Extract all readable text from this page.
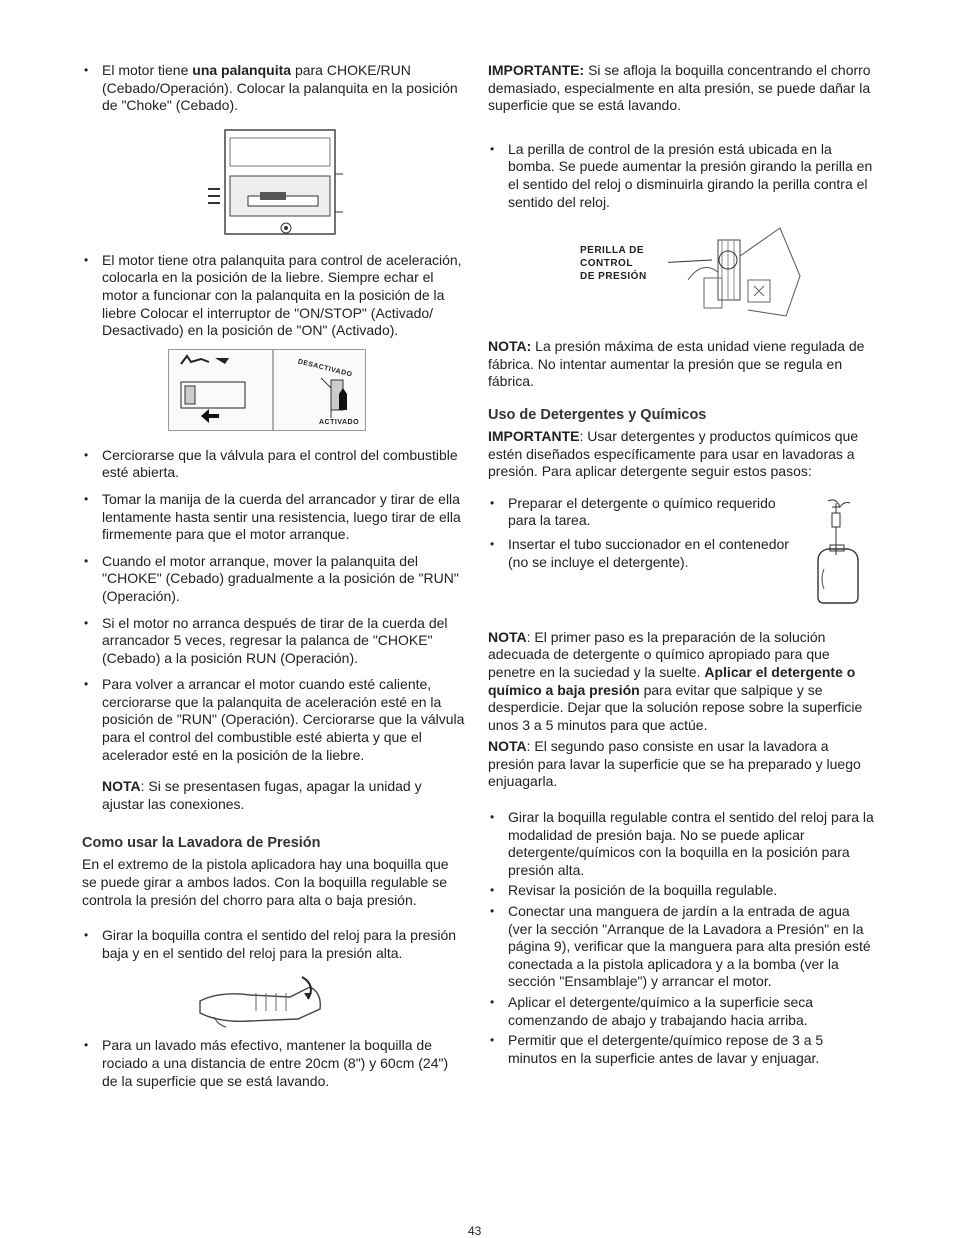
• El motor tiene una palanquita para CHOKE/RUN (Cebado/Operación). Colocar la palanquita en la posición de "Choke" (Cebado).

• El motor tiene otra palanquita para control de aceleración, colocarla en la posición de la liebre. Siempre echar el motor a funcionar con la palanquita en la posición de la liebre Colocar el interruptor de "ON/STOP" (Activado/ Desactivado) en la posición de "ON" (Activado).

DESACTIVADO
ACTIVADO

• Cerciorarse que la válvula para el control del combustible esté abierta.

• Tomar la manija de la cuerda del arrancador y tirar de ella lentamente hasta sentir una resistencia, luego tirar de ella firmemente para que el motor arranque.

• Cuando el motor arranque, mover la palanquita del "CHOKE" (Cebado) gradualmente a la posición de "RUN" (Operación).

• Si el motor no arranca después de tirar de la cuerda del arrancador 5 veces, regresar la palanca de "CHOKE" (Cebado) a la posición RUN (Operación).

• Para volver a arrancar el motor cuando esté caliente, cerciorarse que la palanquita de aceleración esté en la posición de "RUN" (Operación). Cerciorarse que la válvula para el control del combustible esté abierta y que el acelerador esté en la posición de la liebre.

NOTA: Si se presentasen fugas, apagar la unidad y ajustar las conexiones.

Como usar la Lavadora de Presión

En el extremo de la pistola aplicadora hay una boquilla que se puede girar a ambos lados. Con la boquilla regulable se controla la presión del chorro para alta o baja presión.

• Girar la boquilla contra el sentido del reloj para la presión baja y en el sentido del reloj para la presión alta.

• Para un lavado más efectivo, mantener la boquilla de rociado a una distancia de entre 20cm (8") y 60cm (24") de la superficie que se está lavando.

IMPORTANTE: Si se afloja la boquilla concentrando el chorro demasiado, especialmente en alta presión, se puede dañar la superficie que se está lavando.

• La perilla de control de la presión está ubicada en la bomba. Se puede aumentar la presión girando la perilla en el sentido del reloj o disminuirla girando la perilla contra el sentido del reloj.

PERILLA DE
CONTROL
DE PRESIÓN

NOTA: La presión máxima de esta unidad viene regulada de fábrica. No intentar aumentar la presión que se regula en fábrica.

Uso de Detergentes y Químicos

IMPORTANTE: Usar detergentes y productos químicos que estén diseñados específicamente para usar en lavadoras a presión. Para aplicar detergente seguir estos pasos:

• Preparar el detergente o químico requerido para la tarea.

• Insertar el tubo succionador en el contenedor (no se incluye el detergente).

NOTA: El primer paso es la preparación de la solución adecuada de detergente o químico apropiado para que penetre en la suciedad y la suelte. Aplicar el detergente o químico a baja presión para evitar que salpique y se desperdicie. Dejar que la solución repose sobre la superficie unos 3 a 5 minutos para que actúe.

NOTA: El segundo paso consiste en usar la lavadora a presión para lavar la superficie que se ha preparado y luego enjuagarla.

• Girar la boquilla regulable contra el sentido del reloj para la modalidad de presión baja. No se puede aplicar detergente/químicos con la boquilla en la posición para presión alta.

• Revisar la posición de la boquilla regulable.

• Conectar una manguera de jardín a la entrada de agua (ver la sección "Arranque de la Lavadora a Presión" en la página 9), verificar que la manguera para alta presión esté conectada a la pistola aplicadora y a la bomba (ver la sección "Ensamblaje") y arrancar el motor.

• Aplicar el detergente/químico a la superficie seca comenzando de abajo y trabajando hacia arriba.

• Permitir que el detergente/químico repose de 3 a 5 minutos en la superficie antes de lavar y enjuagar.

43
